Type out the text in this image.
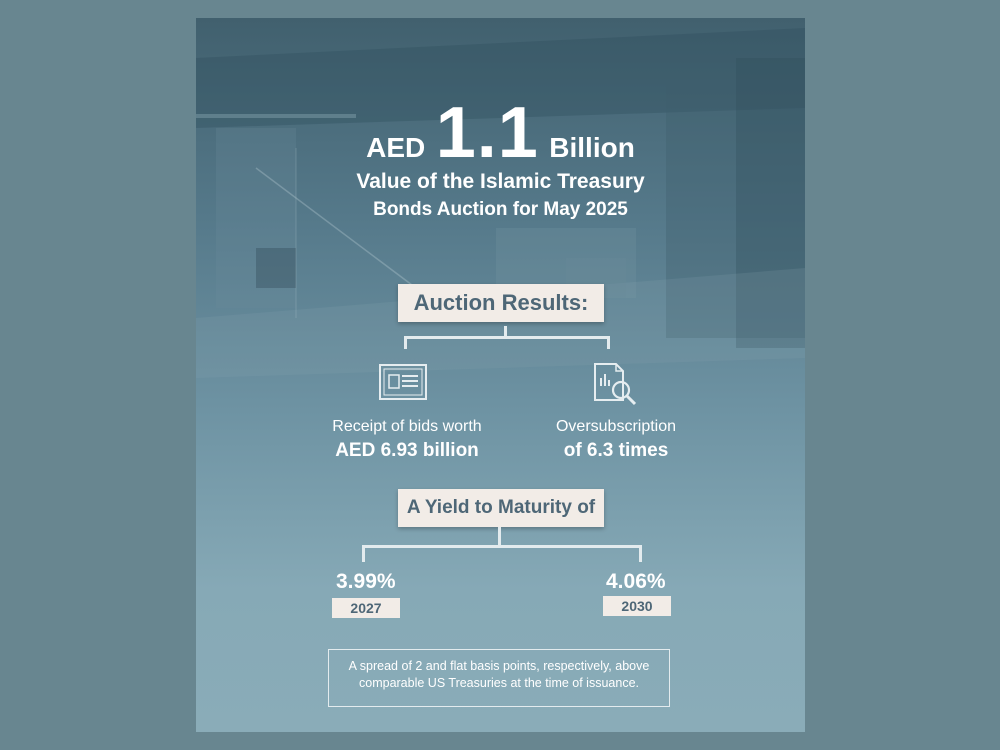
AED 1.1 Billion
Value of the Islamic Treasury
Bonds Auction for May 2025
Auction Results:
Receipt of bids worth
AED 6.93 billion
Oversubscription
of 6.3 times
A Yield to Maturity of
3.99%
2027
4.06%
2030
A spread of 2 and flat basis points, respectively, above comparable US Treasuries at the time of issuance.
